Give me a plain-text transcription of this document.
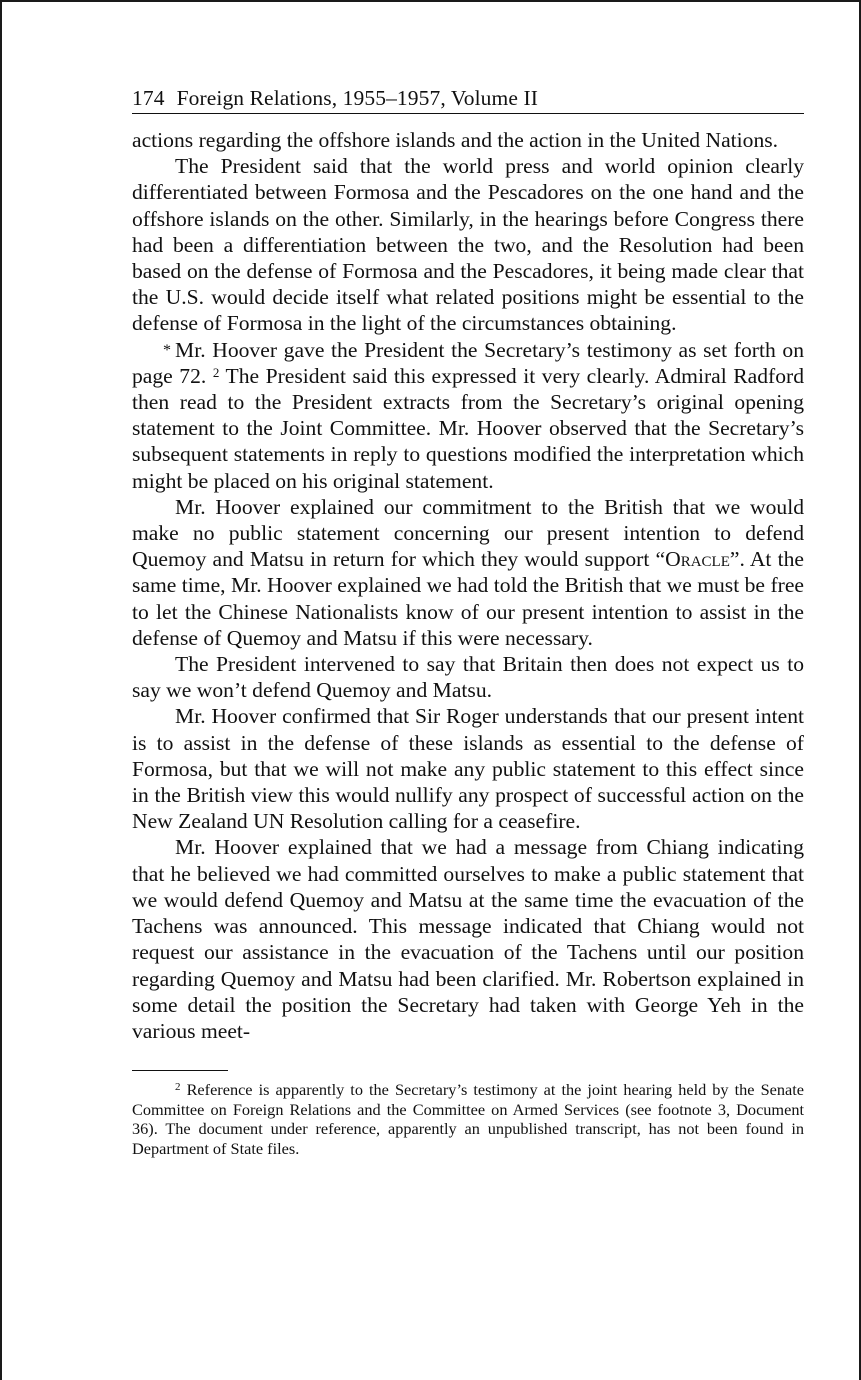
174 Foreign Relations, 1955–1957, Volume II

actions regarding the offshore islands and the action in the United Nations.

The President said that the world press and world opinion clearly differentiated between Formosa and the Pescadores on the one hand and the offshore islands on the other. Similarly, in the hearings before Congress there had been a differentiation between the two, and the Resolution had been based on the defense of Formosa and the Pescadores, it being made clear that the U.S. would decide itself what related positions might be essential to the defense of Formosa in the light of the circumstances obtaining.

* Mr. Hoover gave the President the Secretary’s testimony as set forth on page 72. $^2$ The President said this expressed it very clearly. Admiral Radford then read to the President extracts from the Secretary’s original opening statement to the Joint Committee. Mr. Hoover observed that the Secretary’s subsequent statements in reply to questions modified the interpretation which might be placed on his original statement.

Mr. Hoover explained our commitment to the British that we would make no public statement concerning our present intention to defend Quemoy and Matsu in return for which they would support “Oracle”. At the same time, Mr. Hoover explained we had told the British that we must be free to let the Chinese Nationalists know of our present intention to assist in the defense of Quemoy and Matsu if this were necessary.

The President intervened to say that Britain then does not expect us to say we won’t defend Quemoy and Matsu.

Mr. Hoover confirmed that Sir Roger understands that our present intent is to assist in the defense of these islands as essential to the defense of Formosa, but that we will not make any public statement to this effect since in the British view this would nullify any prospect of successful action on the New Zealand UN Resolution calling for a ceasefire.

Mr. Hoover explained that we had a message from Chiang indicating that he believed we had committed ourselves to make a public statement that we would defend Quemoy and Matsu at the same time the evacuation of the Tachens was announced. This message indicated that Chiang would not request our assistance in the evacuation of the Tachens until our position regarding Quemoy and Matsu had been clarified. Mr. Robertson explained in some detail the position the Secretary had taken with George Yeh in the various meet-

$^2$ Reference is apparently to the Secretary’s testimony at the joint hearing held by the Senate Committee on Foreign Relations and the Committee on Armed Services (see footnote 3, Document 36). The document under reference, apparently an unpublished transcript, has not been found in Department of State files.
